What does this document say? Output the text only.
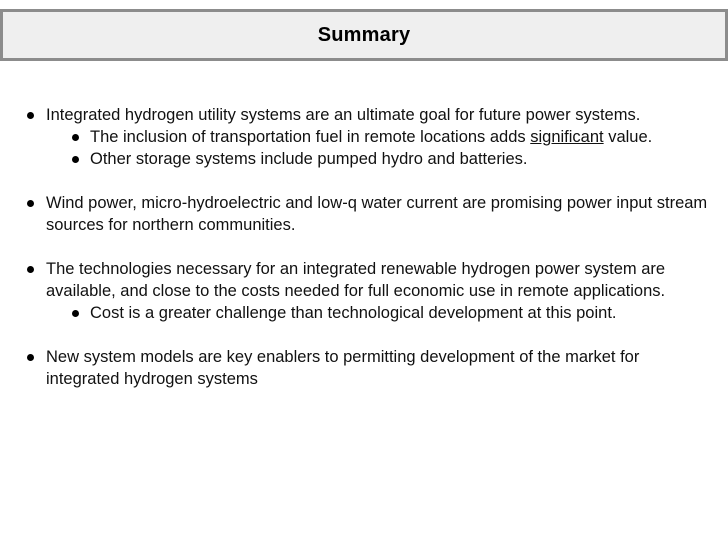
Summary
Integrated hydrogen utility systems are an ultimate goal for future power systems.
The inclusion of transportation fuel in remote locations adds significant value.
Other storage systems include pumped hydro and batteries.
Wind power, micro-hydroelectric and low-q water current are promising power input stream sources for northern communities.
The technologies necessary for an integrated renewable hydrogen power system are available, and close to the costs needed for full economic use in remote applications.
Cost is a greater challenge than technological development at this point.
New system models are key enablers to permitting development of the market for integrated hydrogen systems
